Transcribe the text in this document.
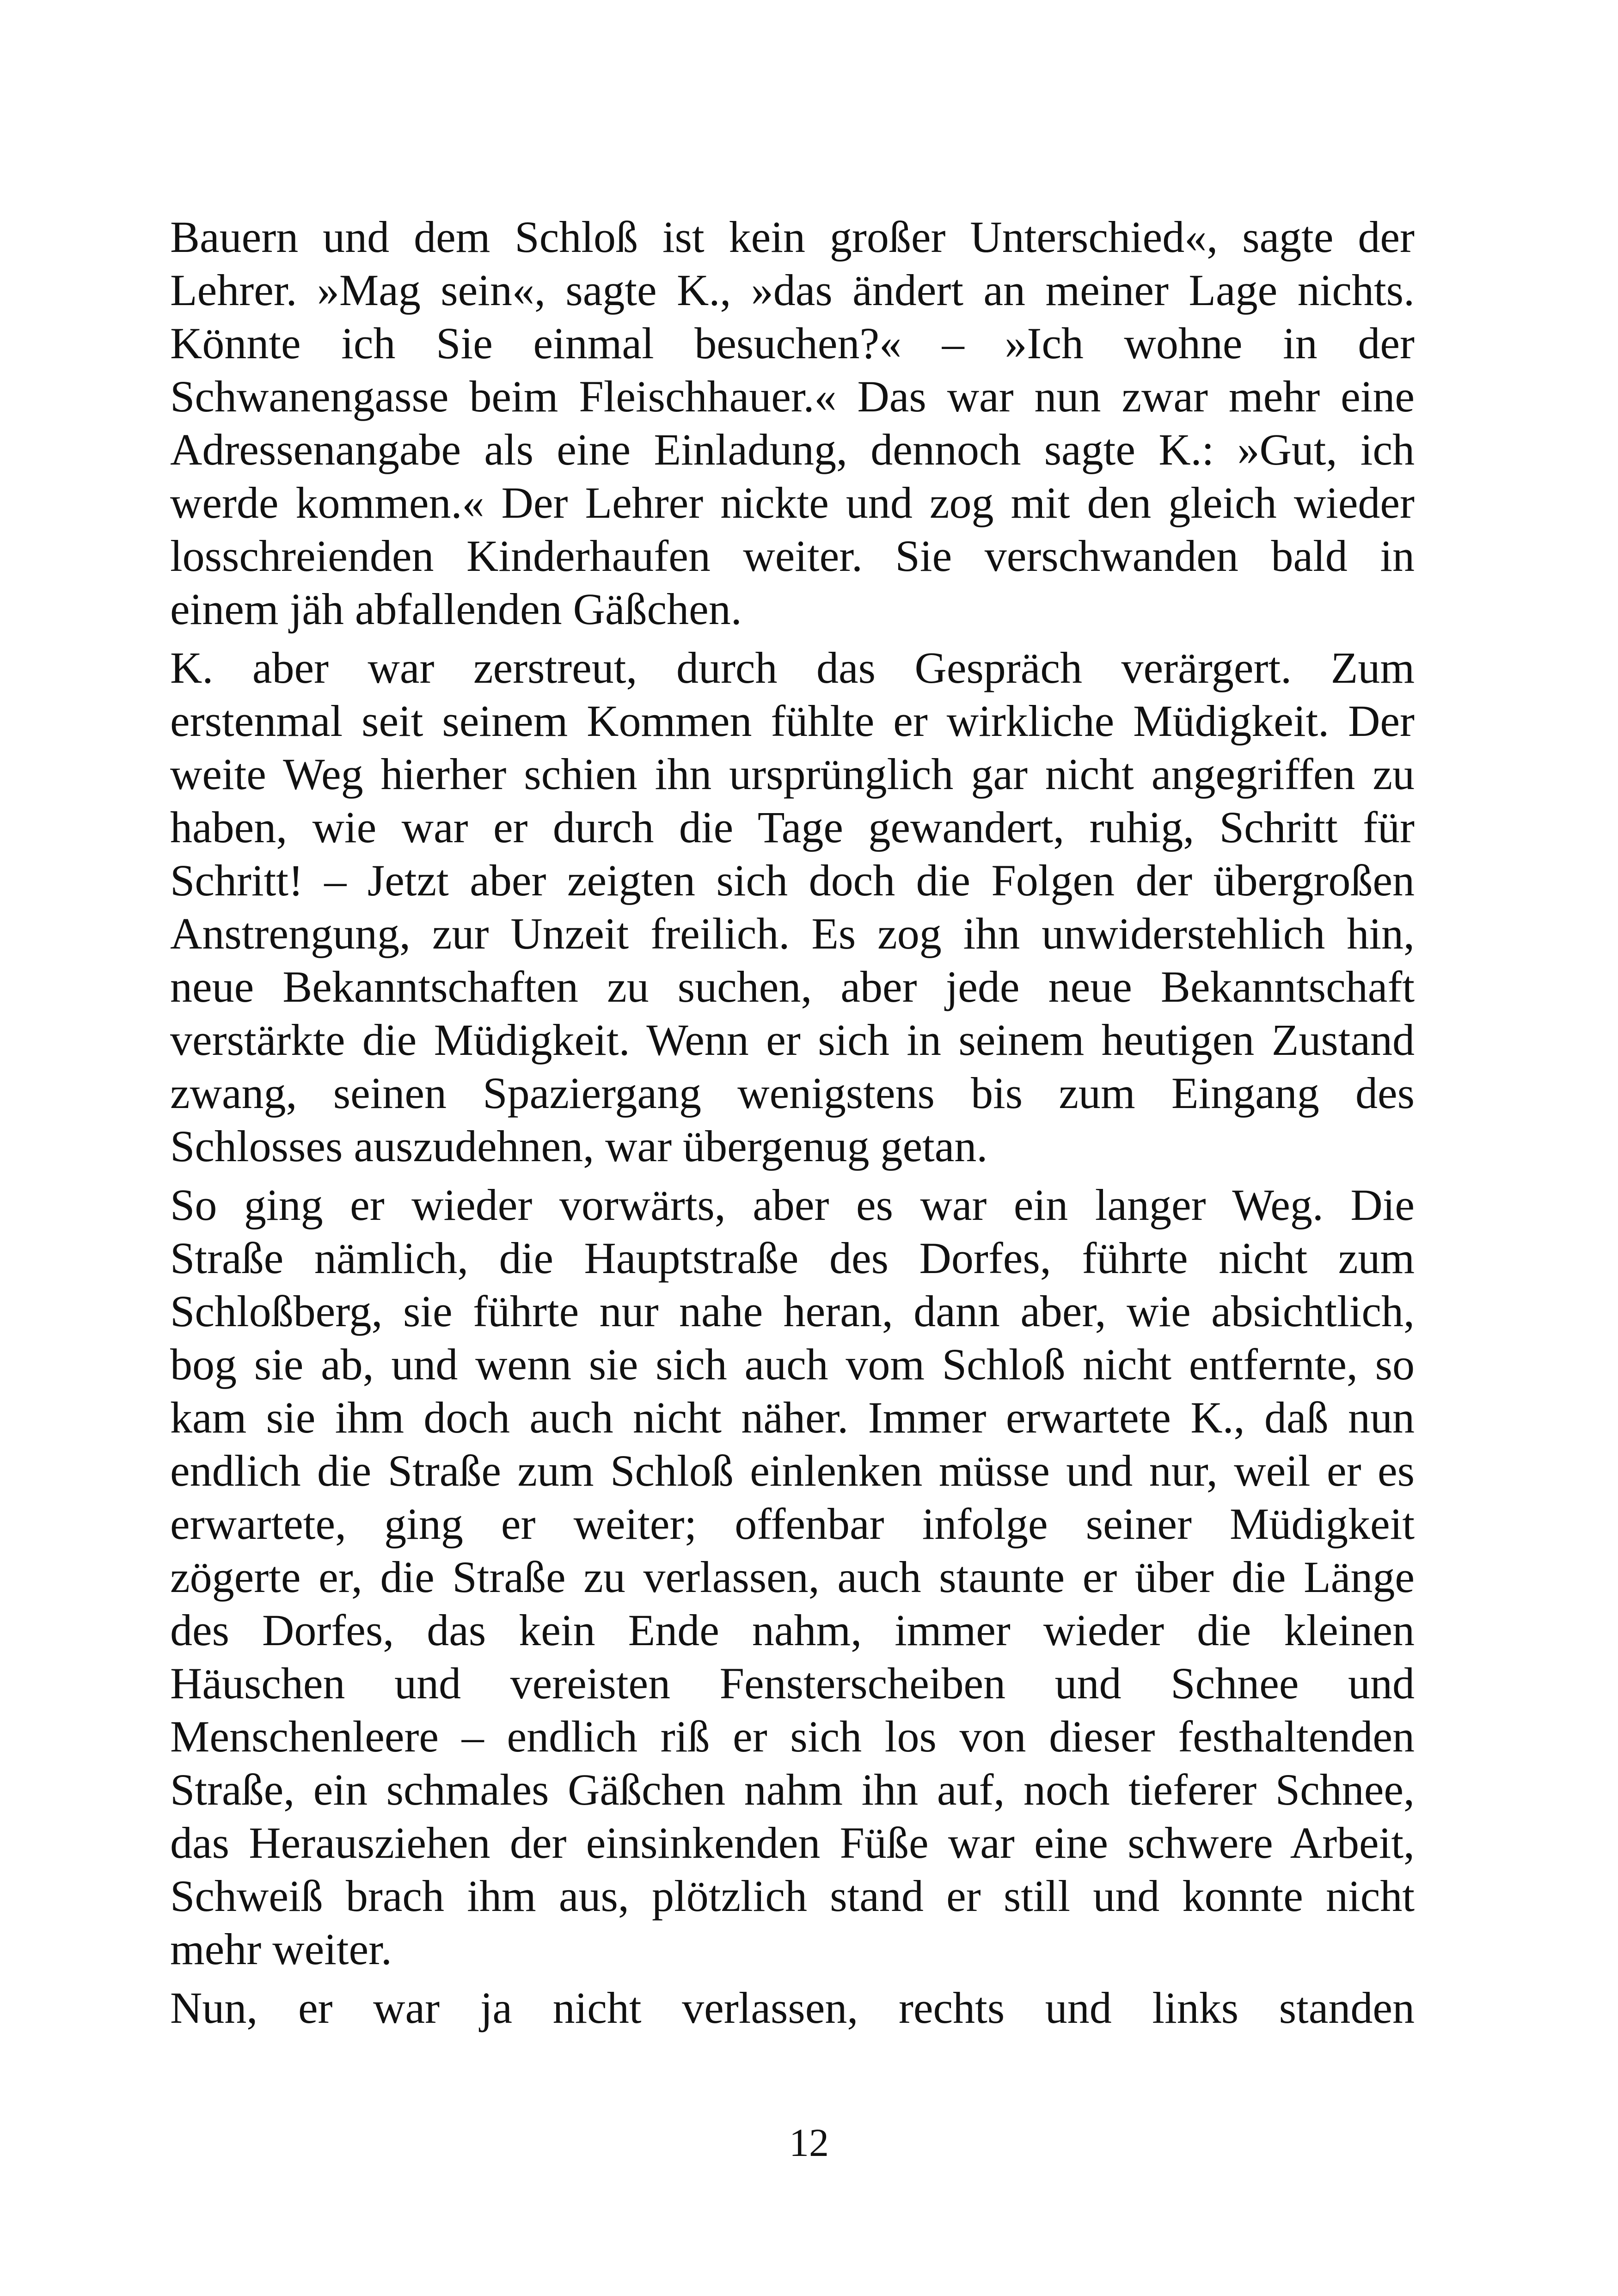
Bauern und dem Schloß ist kein großer Unterschied«, sagte der
Lehrer. »Mag sein«, sagte K., »das ändert an meiner Lage nichts.
Könnte ich Sie einmal besuchen?« – »Ich wohne in der
Schwanengasse beim Fleischhauer.« Das war nun zwar mehr eine
Adressenangabe als eine Einladung, dennoch sagte K.: »Gut, ich
werde kommen.« Der Lehrer nickte und zog mit den gleich wieder
losschreienden Kinderhaufen weiter. Sie verschwanden bald in
einem jäh abfallenden Gäßchen.
K. aber war zerstreut, durch das Gespräch verärgert. Zum
erstenmal seit seinem Kommen fühlte er wirkliche Müdigkeit. Der
weite Weg hierher schien ihn ursprünglich gar nicht angegriffen zu
haben, wie war er durch die Tage gewandert, ruhig, Schritt für
Schritt! – Jetzt aber zeigten sich doch die Folgen der übergroßen
Anstrengung, zur Unzeit freilich. Es zog ihn unwiderstehlich hin,
neue Bekanntschaften zu suchen, aber jede neue Bekanntschaft
verstärkte die Müdigkeit. Wenn er sich in seinem heutigen Zustand
zwang, seinen Spaziergang wenigstens bis zum Eingang des
Schlosses auszudehnen, war übergenug getan.
So ging er wieder vorwärts, aber es war ein langer Weg. Die
Straße nämlich, die Hauptstraße des Dorfes, führte nicht zum
Schloßberg, sie führte nur nahe heran, dann aber, wie absichtlich,
bog sie ab, und wenn sie sich auch vom Schloß nicht entfernte, so
kam sie ihm doch auch nicht näher. Immer erwartete K., daß nun
endlich die Straße zum Schloß einlenken müsse und nur, weil er es
erwartete, ging er weiter; offenbar infolge seiner Müdigkeit
zögerte er, die Straße zu verlassen, auch staunte er über die Länge
des Dorfes, das kein Ende nahm, immer wieder die kleinen
Häuschen und vereisten Fensterscheiben und Schnee und
Menschenleere – endlich riß er sich los von dieser festhaltenden
Straße, ein schmales Gäßchen nahm ihn auf, noch tieferer Schnee,
das Herausziehen der einsinkenden Füße war eine schwere Arbeit,
Schweiß brach ihm aus, plötzlich stand er still und konnte nicht
mehr weiter.
Nun, er war ja nicht verlassen, rechts und links standen
12
